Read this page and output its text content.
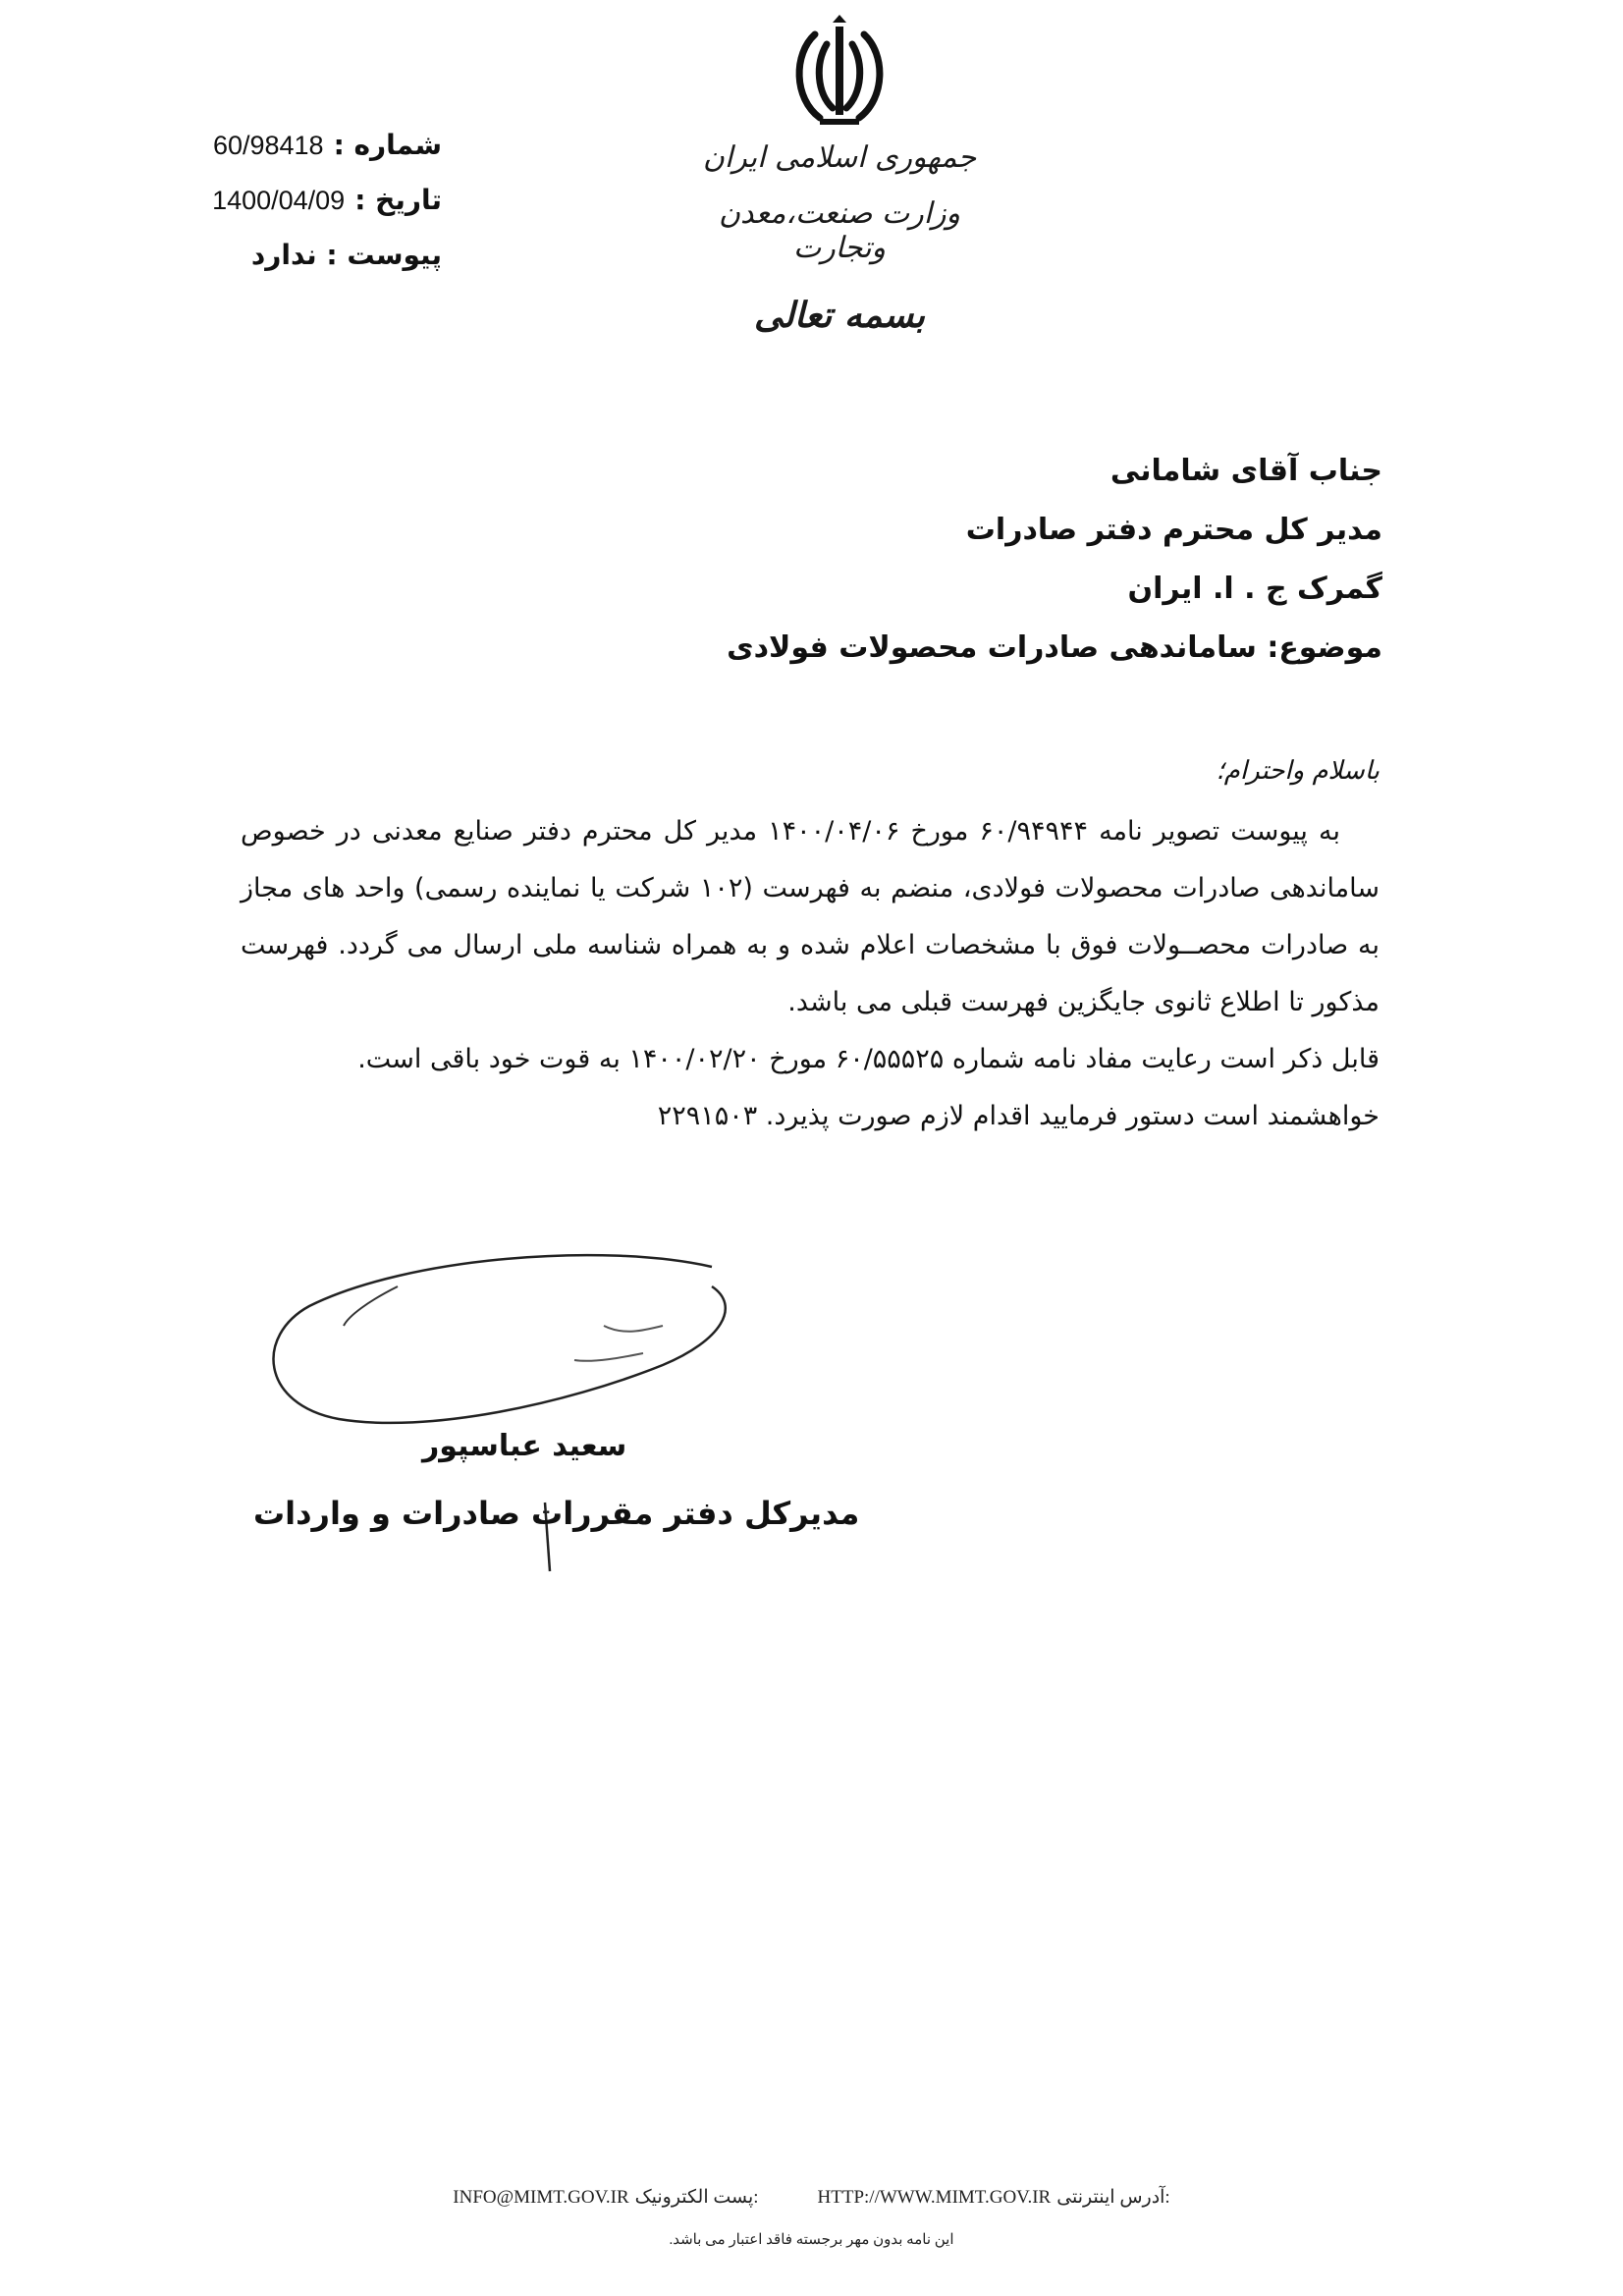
60/98418 شماره :
1400/04/09 تاریخ :
پیوست : ندارد
جمهوری اسلامی ایران
وزارت صنعت،معدن وتجارت
بسمه تعالی
جناب آقای شامانی
مدیر کل محترم دفتر صادرات
گمرک ج . ا. ایران
موضوع: ساماندهی صادرات محصولات فولادی
باسلام واحترام؛

به پیوست تصویر نامه ۶۰/۹۴۹۴۴ مورخ ۱۴۰۰/۰۴/۰۶ مدیر کل محترم دفتر صنایع معدنی در خصوص ساماندهی صادرات محصولات فولادی، منضم به فهرست (۱۰۲ شرکت یا نماینده رسمی) واحد های مجاز به صادرات محصــولات فوق با مشخصات اعلام شده و به همراه شناسه ملی ارسال می گردد. فهرست مذکور تا اطلاع ثانوی جایگزین فهرست قبلی می باشد.

قابل ذکر است رعایت مفاد نامه شماره ۶۰/۵۵۵۲۵ مورخ ۱۴۰۰/۰۲/۲۰ به قوت خود باقی است.

خواهشمند است دستور فرمایید اقدام لازم صورت پذیرد. ۲۲۹۱۵۰۳

سعید عباسپور
مدیرکل دفتر مقررات صادرات و واردات
INFO@MIMT.GOV.IR :پست الکترونیک	HTTP://WWW.MIMT.GOV.IR :آدرس اینترنتی
این نامه بدون مهر برجسته فاقد اعتبار می باشد.
